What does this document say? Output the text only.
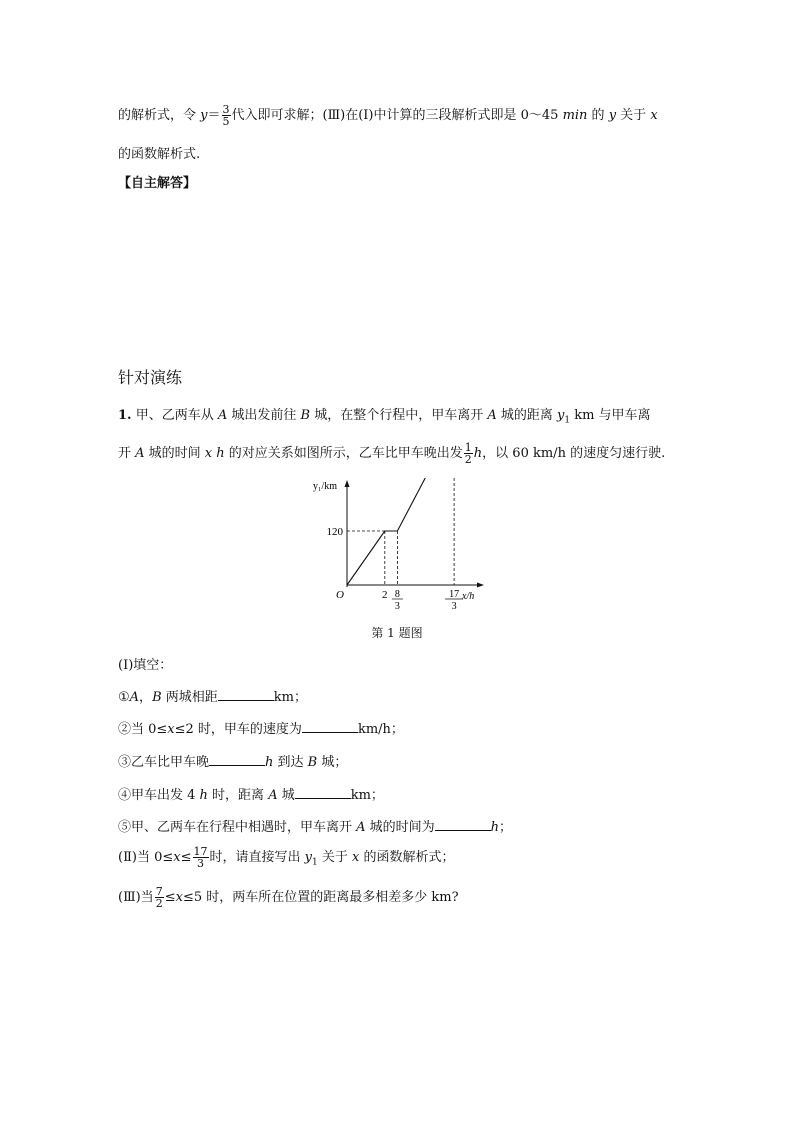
的解析式，令 $y= \frac{3}{5}$ 代入即可求解；(Ⅲ)在(Ⅰ)中计算的三段解析式即是 0～45 min 的 y 关于 x
的函数解析式.
【自主解答】
针对演练
1. 甲、乙两车从 A 城出发前往 B 城，在整个行程中，甲车离开 A 城的距离 $y_1$ km 与甲车离
开 A 城的时间 x h 的对应关系如图所示，乙车比甲车晚出发 $\frac{1}{2}$ h，以 60 km/h 的速度匀速行驶.
y₁/km
x/h
O
120
2 8
3
17
3
第 1 题图
(Ⅰ)填空：
①A，B 两城相距	km；
②当 0≤x≤2 时，甲车的速度为	km/h；
③乙车比甲车晚	h 到达 B 城；
④甲车出发 4 h 时，距离 A 城	km；
⑤甲、乙两车在行程中相遇时，甲车离开 A 城的时间为	h；
(Ⅱ)当 $0\le x\le \frac{17}{3}$ 时，请直接写出 $y_1$ 关于 x 的函数解析式；
(Ⅲ)当 $\frac{7}{2} \le x\le 5$ 时，两车所在位置的距离最多相差多少 km?
